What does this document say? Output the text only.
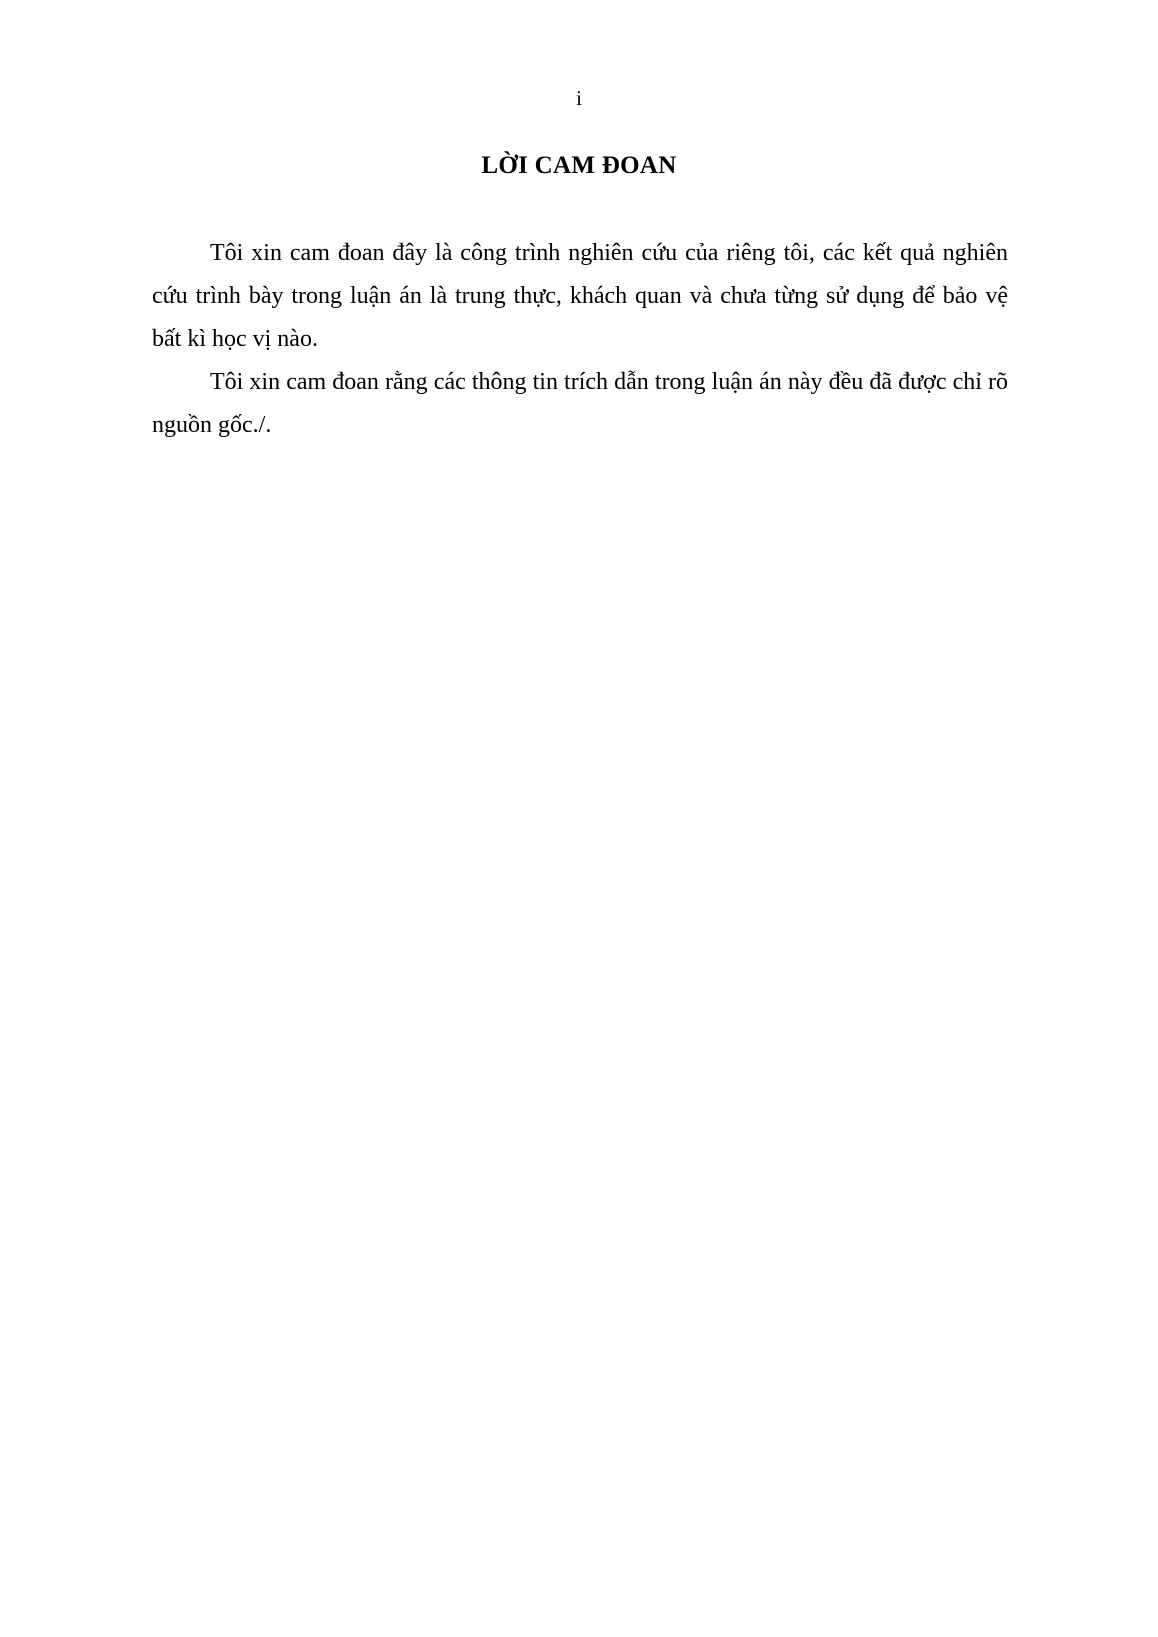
i
LỜI CAM ĐOAN

Tôi xin cam đoan đây là công trình nghiên cứu của riêng tôi, các kết quả nghiên cứu trình bày trong luận án là trung thực, khách quan và chưa từng sử dụng để bảo vệ bất kì học vị nào.

Tôi xin cam đoan rằng các thông tin trích dẫn trong luận án này đều đã được chỉ rõ nguồn gốc./.
